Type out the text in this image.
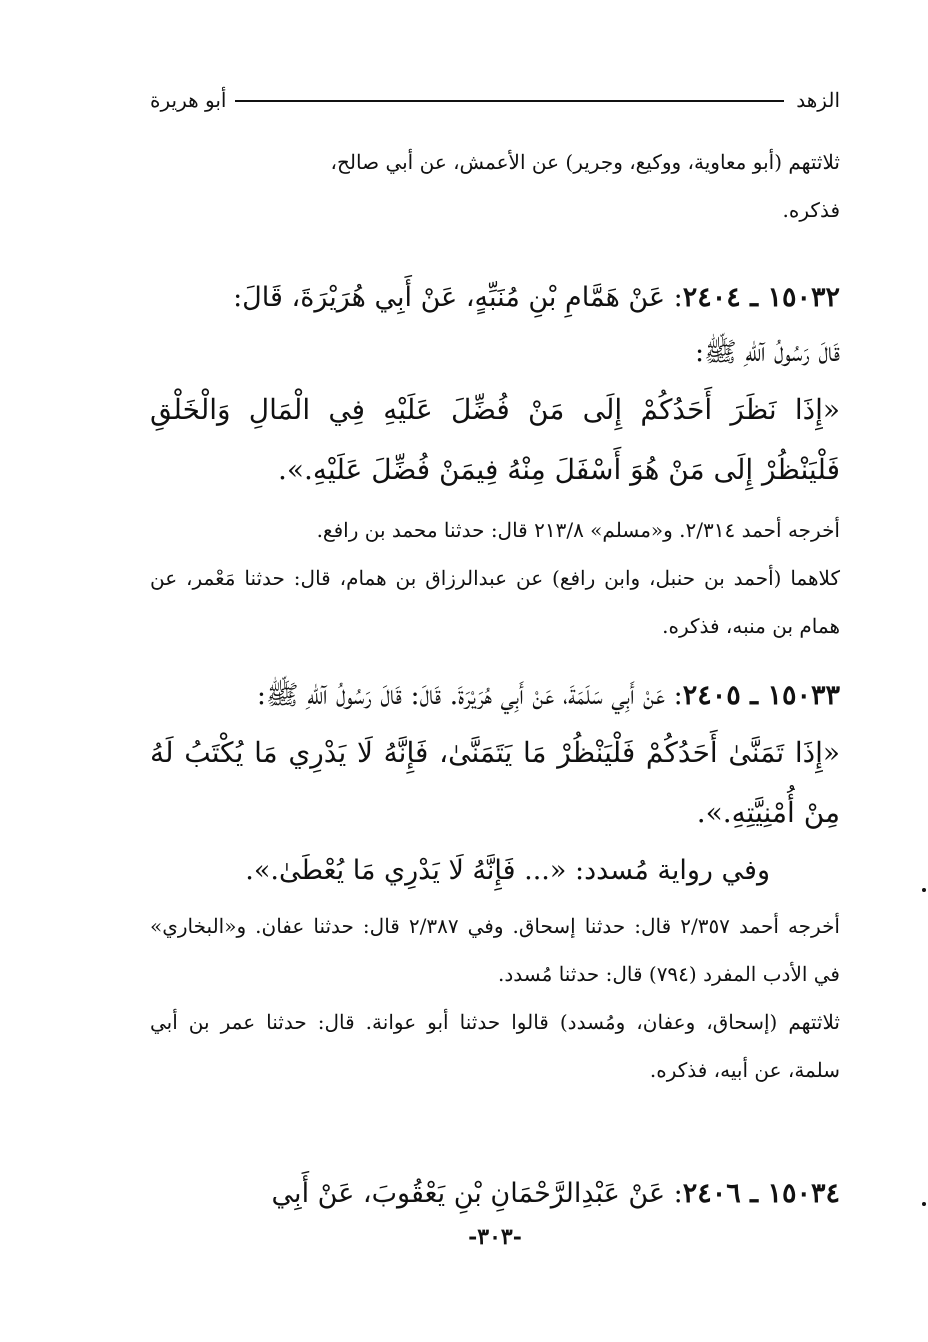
الزهد
أبو هريرة
ثلاثتهم (أبو معاوية، ووكيع، وجرير) عن الأعمش، عن أبي صالح،
فذكره.
١٥٠٣٢ ـ ٢٤٠٤: عَنْ هَمَّامِ بْنِ مُنَبِّهٍ، عَنْ أَبِي هُرَيْرَةَ، قَالَ:
قَالَ رَسُولُ آللهِ ﷺ:
«إِذَا نَظَرَ أَحَدُكُمْ إِلَى مَنْ فُضِّلَ عَلَيْهِ فِي الْمَالِ وَالْخَلْقِ فَلْيَنْظُرْ إِلَى مَنْ هُوَ أَسْفَلَ مِنْهُ فِيمَنْ فُضِّلَ عَلَيْهِ.».
أخرجه أحمد ٢/٣١٤. و«مسلم» ٢١٣/٨ قال: حدثنا محمد بن رافع.
كلاهما (أحمد بن حنبل، وابن رافع) عن عبدالرزاق بن همام، قال: حدثنا مَعْمر، عن همام بن منبه، فذكره.
١٥٠٣٣ ـ ٢٤٠٥: عَنْ أَبِي سَلَمَةَ، عَنْ أَبِي هُرَيْرَةَ. قَالَ: قَالَ رَسُولُ آللهِ ﷺ:
«إِذَا تَمَنَّىٰ أَحَدُكُمْ فَلْيَنْظُرْ مَا يَتَمَنَّىٰ، فَإِنَّهُ لَا يَدْرِي مَا يُكْتَبُ لَهُ مِنْ أُمْنِيَّتِهِ.».
وفي رواية مُسدد: «... فَإِنَّهُ لَا يَدْرِي مَا يُعْطَىٰ.».
أخرجه أحمد ٢/٣٥٧ قال: حدثنا إسحاق. وفي ٢/٣٨٧ قال: حدثنا عفان. و«البخاري» في الأدب المفرد (٧٩٤) قال: حدثنا مُسدد.
ثلاثتهم (إسحاق، وعفان، ومُسدد) قالوا حدثنا أبو عوانة. قال: حدثنا عمر بن أبي سلمة، عن أبيه، فذكره.
١٥٠٣٤ ـ ٢٤٠٦: عَنْ عَبْدِالرَّحْمَانِ بْنِ يَعْقُوبَ، عَنْ أَبِي
-٣٠٣-
